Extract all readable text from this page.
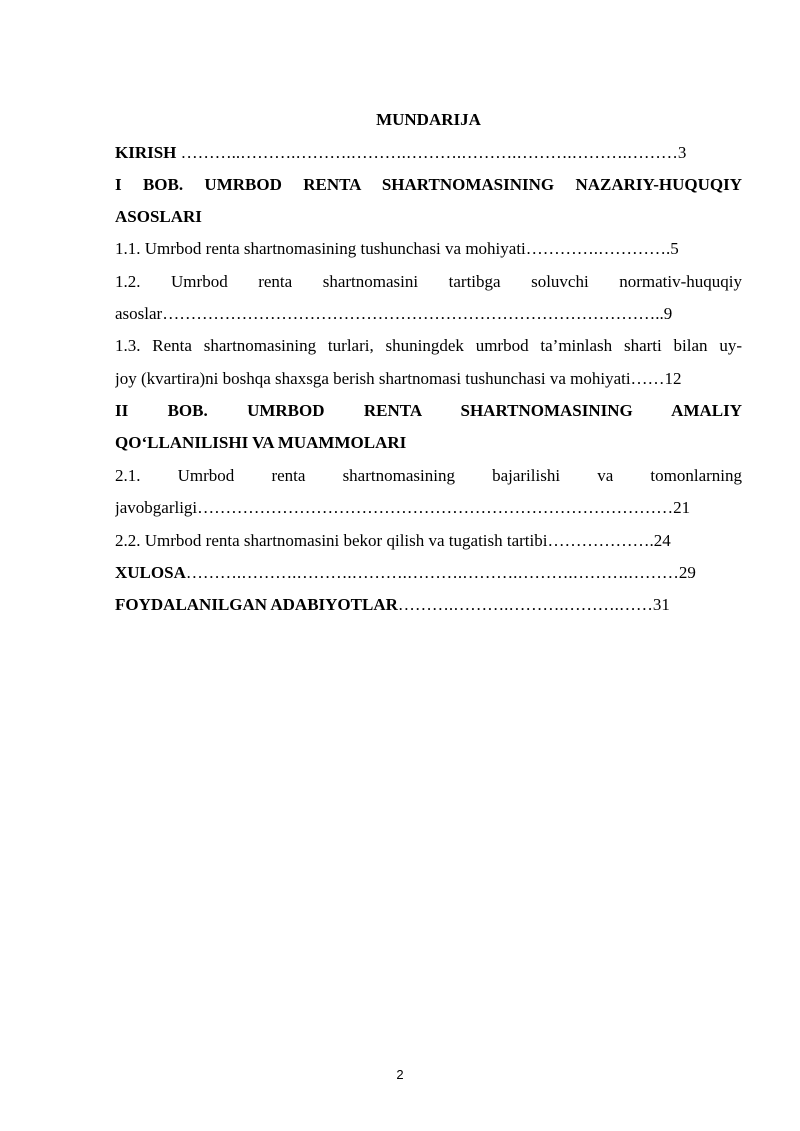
MUNDARIJA
KIRISH ………..……….……….……….……….……….……….……….………3
I BOB. UMRBOD RENTA SHARTNOMASINING NAZARIY-HUQUQIY
ASOSLARI
1.1. Umrbod renta shartnomasining tushunchasi va mohiyati………….………….5
1.2. Umrbod renta shartnomasini tartibga soluvchi normativ-huquqiy
asoslar……………………………………………………………………………..9
1.3. Renta shartnomasining turlari, shuningdek umrbod ta’minlash sharti bilan uy-
joy (kvartira)ni boshqa shaxsga berish shartnomasi tushunchasi va mohiyati……12
II BOB. UMRBOD RENTA SHARTNOMASINING AMALIY
QO‘LLANILISHI VA MUAMMOLARI
2.1. Umrbod renta shartnomasining bajarilishi va tomonlarning
javobgarligi…………………………………………………………………………21
2.2. Umrbod renta shartnomasini bekor qilish va tugatish tartibi……………….24
XULOSA……….……….……….……….……….……….……….……….………29
FOYDALANILGAN ADABIYOTLAR……….……….……….……….……31
2
